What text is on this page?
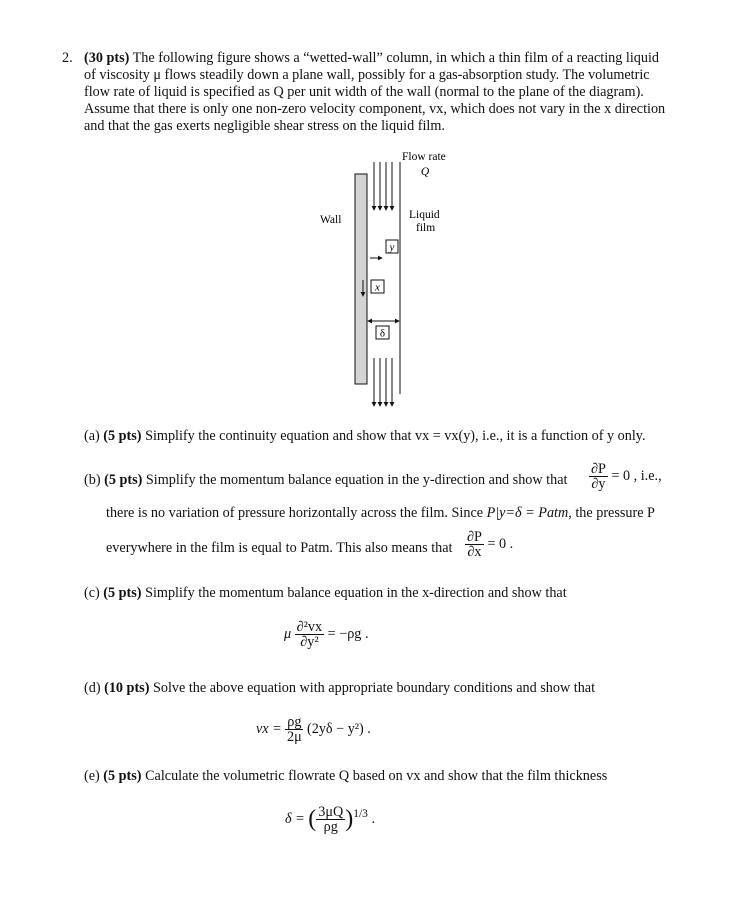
2. (30 pts) The following figure shows a “wetted-wall” column, in which a thin film of a reacting liquid
of viscosity μ flows steadily down a plane wall, possibly for a gas-absorption study. The volumetric
flow rate of liquid is specified as Q per unit width of the wall (normal to the plane of the diagram).
Assume that there is only one non-zero velocity component, vx, which does not vary in the x direction
and that the gas exerts negligible shear stress on the liquid film.
y
x
δ
Flow rate
Q
Wall	Liquid
film
(a) (5 pts) Simplify the continuity equation and show that vx = vx(y), i.e., it is a function of y only.
(b) (5 pts) Simplify the momentum balance equation in the y-direction and show that $\frac{\partial P}{\partial y} = 0$ , i.e.,
there is no variation of pressure horizontally across the film. Since P|y=δ = Patm, the pressure P
everywhere in the film is equal to Patm. This also means that $\frac{\partial P}{\partial x} = 0$ .
(c) (5 pts) Simplify the momentum balance equation in the x-direction and show that
μ $\frac{\text{∂²vx}}{\text{∂y²}} = -\rho g$ .
(d) (10 pts) Solve the above equation with appropriate boundary conditions and show that
vx = $\frac{\rho g}{2\mu} (2y\delta - y^2)$ .
(e) (5 pts) Calculate the volumetric flowrate Q based on vx and show that the film thickness
δ = ( $\frac{3\mu Q}{\rho g} )^{1/3}$ .
